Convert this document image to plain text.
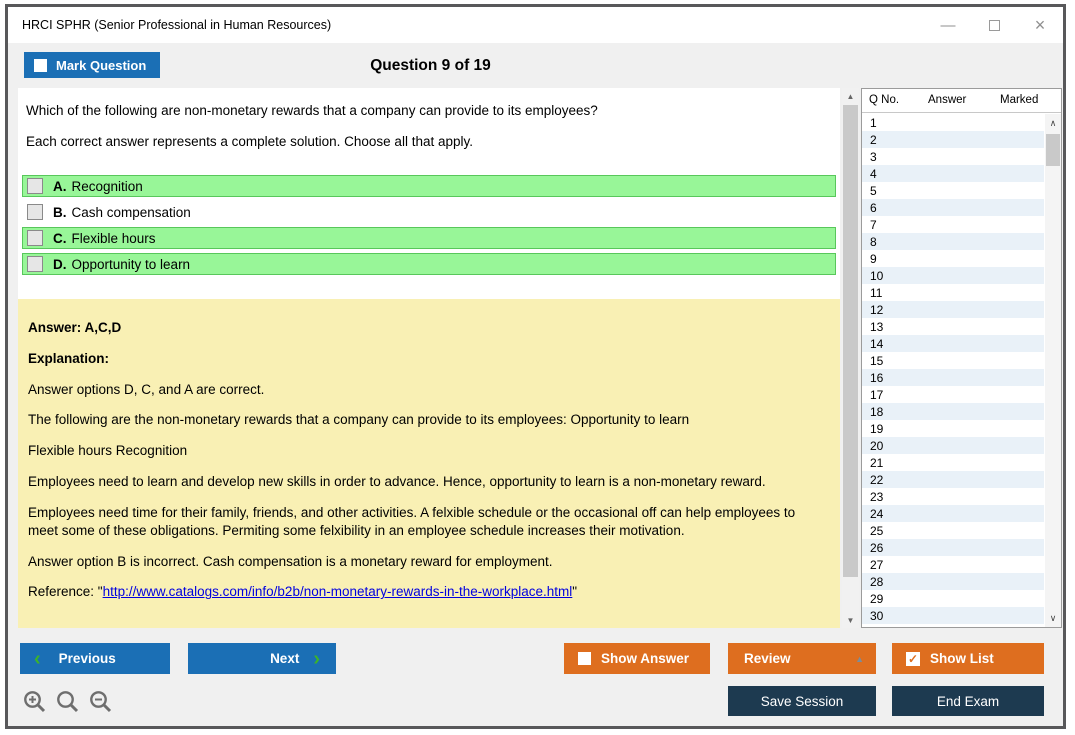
HRCI SPHR (Senior Professional in Human Resources)	—	×
Mark Question	Question 9 of 19
Which of the following are non-monetary rewards that a company can provide to its employees?
Each correct answer represents a complete solution. Choose all that apply.
A. Recognition
B. Cash compensation
C. Flexible hours
D. Opportunity to learn

Answer: A,C,D

Explanation:

Answer options D, C, and A are correct.

The following are the non-monetary rewards that a company can provide to its employees: Opportunity to learn

Flexible hours Recognition

Employees need to learn and develop new skills in order to advance. Hence, opportunity to learn is a non-monetary reward.

Employees need time for their family, friends, and other activities. A felxible schedule or the occasional off can help employees to meet some of these obligations. Permiting some felxibility in an employee schedule increases their motivation.

Answer option B is incorrect. Cash compensation is a monetary reward for employment.

Reference: "http://www.catalogs.com/info/b2b/non-monetary-rewards-in-the-workplace.html"

▲
▼
Q No.	Answer	Marked
1
2
3
4
5
6
7
8
9
10
11
12
13
14
15
16
17
18
19
20
21
22
23
24
25
26
27
28
29
30
∧
∨
‹ Previous	Next ›	Show Answer	Review	▲	✓ Show List
Save Session	End Exam
